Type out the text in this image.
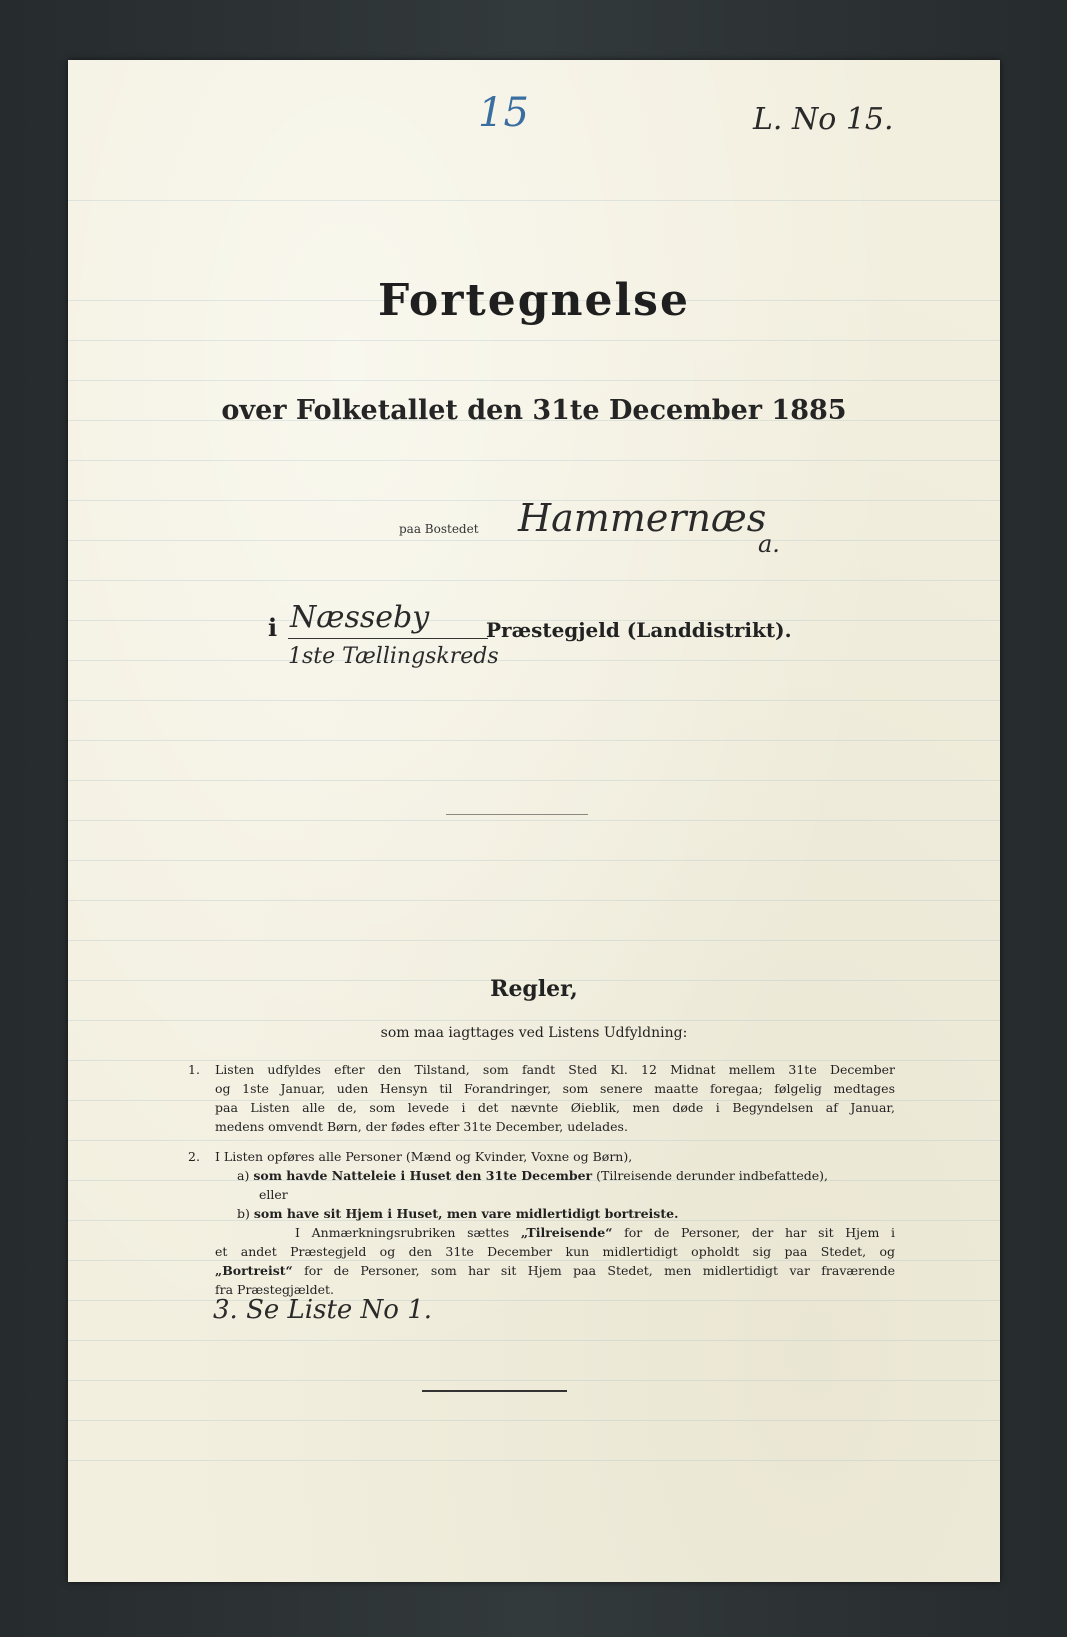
15	L. No 15.
Fortegnelse
over Folketallet den 31te December 1885
paa Bostedet Hammernæs
a.
i Næsseby	Præstegjeld (Landdistrikt).
1ste Tællingskreds
Regler,
som maa iagttages ved Listens Udfyldning:
1. Listen udfyldes efter den Tilstand, som fandt Sted Kl. 12 Midnat mellem 31te December
og 1ste Januar, uden Hensyn til Forandringer, som senere maatte foregaa; følgelig medtages
paa Listen alle de, som levede i det nævnte Øieblik, men døde i Begyndelsen af Januar,
medens omvendt Børn, der fødes efter 31te December, udelades.
2. I Listen opføres alle Personer (Mænd og Kvinder, Voxne og Børn),
a) som havde Natteleie i Huset den 31te December (Tilreisende derunder indbefattede),
eller
b) som have sit Hjem i Huset, men vare midlertidigt bortreiste.
I Anmærkningsrubriken sættes „Tilreisende“ for de Personer, der har sit Hjem i
et andet Præstegjeld og den 31te December kun midlertidigt opholdt sig paa Stedet, og
„Bortreist“ for de Personer, som har sit Hjem paa Stedet, men midlertidigt var fraværende
fra Præstegjældet.
3. Se Liste No 1.
